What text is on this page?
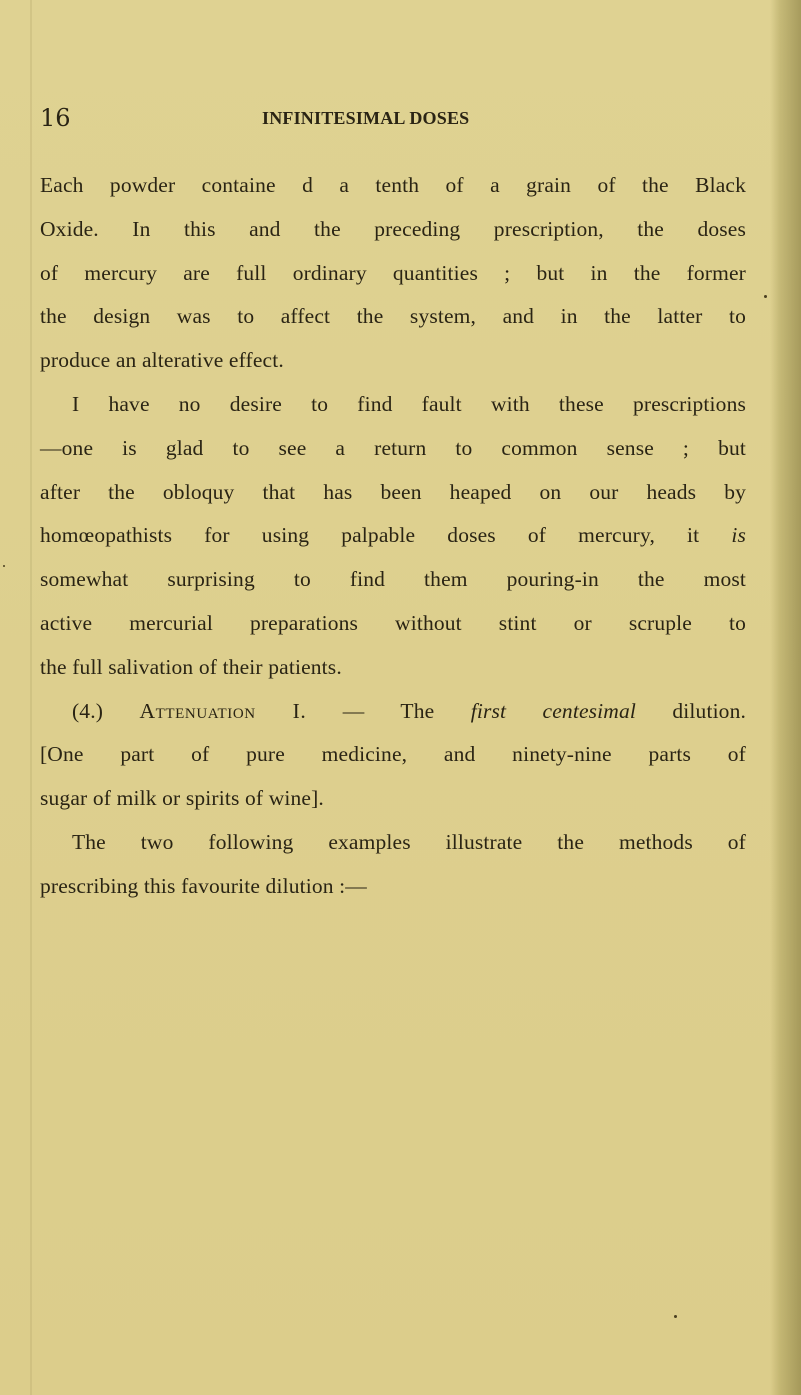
16	INFINITESIMAL DOSES
Each powder containe d a tenth of a grain of the Black
Oxide. In this and the preceding prescription, the doses
of mercury are full ordinary quantities ; but in the former
the design was to affect the system, and in the latter to
produce an alterative effect.
I have no desire to find fault with these prescriptions
—one is glad to see a return to common sense ; but
after the obloquy that has been heaped on our heads by
homœopathists for using palpable doses of mercury, it is
somewhat surprising to find them pouring-in the most
active mercurial preparations without stint or scruple to
the full salivation of their patients.
(4.) Attenuation I. — The first centesimal dilution.
[One part of pure medicine, and ninety-nine parts of
sugar of milk or spirits of wine].
The two following examples illustrate the methods of
prescribing this favourite dilution :—
